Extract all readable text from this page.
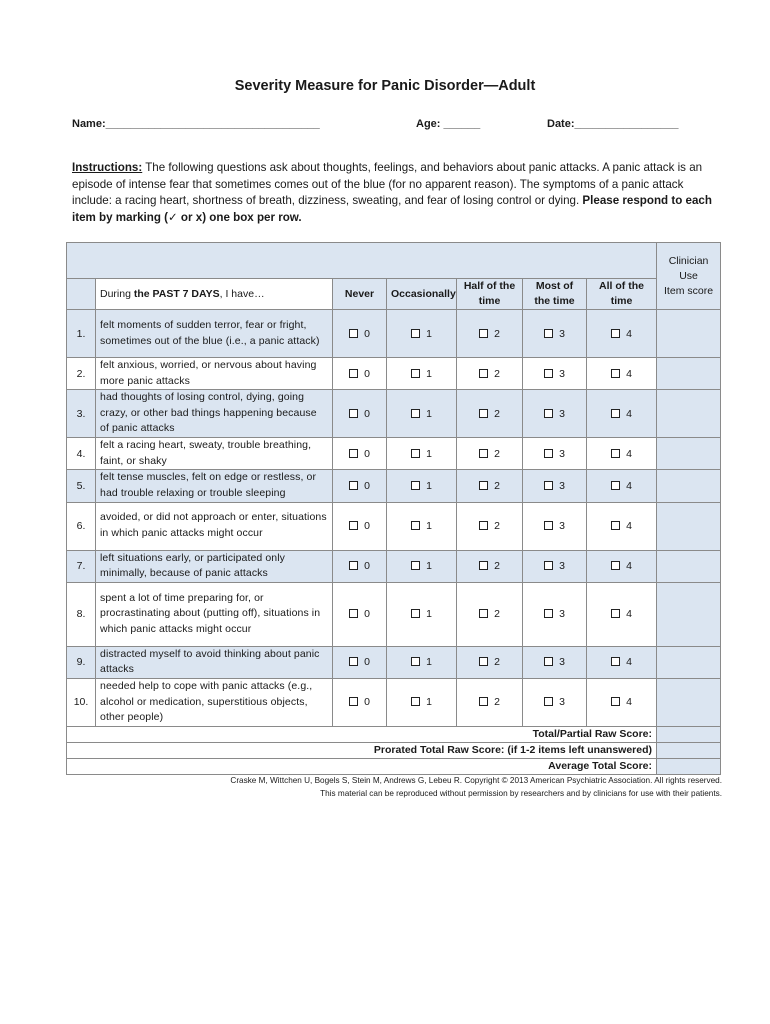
Severity Measure for Panic Disorder—Adult
Name:___________________________________	Age: ______	Date:_________________
Instructions: The following questions ask about thoughts, feelings, and behaviors about panic attacks. A panic attack is an episode of intense fear that sometimes comes out of the blue (for no apparent reason). The symptoms of a panic attack include: a racing heart, shortness of breath, dizziness, sweating, and fear of losing control or dying. Please respond to each item by marking (✓ or x) one box per row.

							Clinician Use
Item score

	During the PAST 7 DAYS, I have…	Never	Occasionally	Half of the time	Most of the time	All of the time	
1.	felt moments of sudden terror, fear or fright, sometimes out of the blue (i.e., a panic attack)	0	1	2	3	4	
2.	felt anxious, worried, or nervous about having more panic attacks	0	1	2	3	4	
3.	had thoughts of losing control, dying, going crazy, or other bad things happening because of panic attacks	0	1	2	3	4	
4.	felt a racing heart, sweaty, trouble breathing, faint, or shaky	0	1	2	3	4	
5.	felt tense muscles, felt on edge or restless, or had trouble relaxing or trouble sleeping	0	1	2	3	4	
6.	avoided, or did not approach or enter, situations in which panic attacks might occur	0	1	2	3	4	
7.	left situations early, or participated only minimally, because of panic attacks	0	1	2	3	4	
8.	spent a lot of time preparing for, or procrastinating about (putting off), situations in which panic attacks might occur	0	1	2	3	4	
9.	distracted myself to avoid thinking about panic attacks	0	1	2	3	4	
10.	needed help to cope with panic attacks (e.g., alcohol or medication, superstitious objects, other people)	0	1	2	3	4	
Total/Partial Raw Score:							
Prorated Total Raw Score: (if 1-2 items left unanswered)							
Average Total Score:							
Craske M, Wittchen U, Bogels S, Stein M, Andrews G, Lebeu R. Copyright © 2013 American Psychiatric Association. All rights reserved.
This material can be reproduced without permission by researchers and by clinicians for use with their patients.
